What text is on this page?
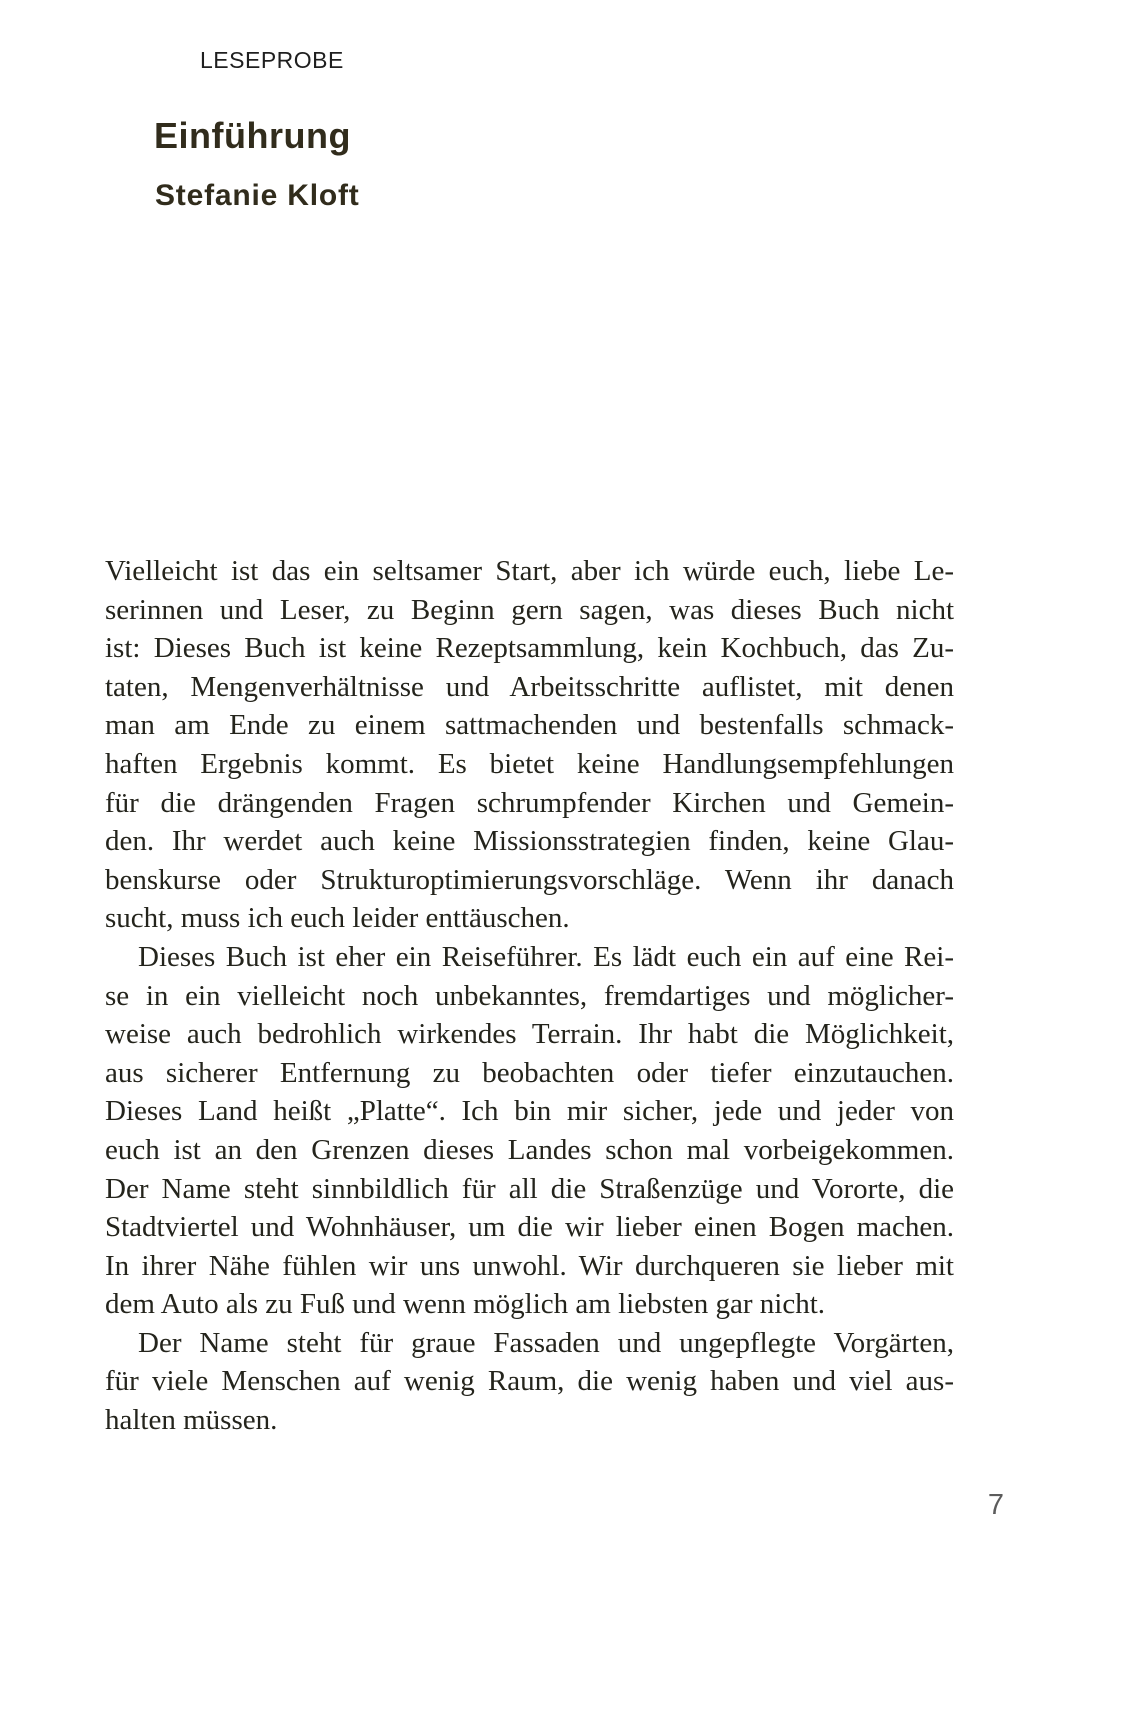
LESEPROBE
Einführung
Stefanie Kloft
Vielleicht ist das ein seltsamer Start, aber ich würde euch, liebe Le-
serinnen und Leser, zu Beginn gern sagen, was dieses Buch nicht
ist: Dieses Buch ist keine Rezeptsammlung, kein Kochbuch, das Zu-
taten, Mengenverhältnisse und Arbeitsschritte auflistet, mit denen
man am Ende zu einem sattmachenden und bestenfalls schmack-
haften Ergebnis kommt. Es bietet keine Handlungsempfehlungen
für die drängenden Fragen schrumpfender Kirchen und Gemein-
den. Ihr werdet auch keine Missionsstrategien finden, keine Glau-
benskurse oder Strukturoptimierungsvorschläge. Wenn ihr danach
sucht, muss ich euch leider enttäuschen.
Dieses Buch ist eher ein Reiseführer. Es lädt euch ein auf eine Rei-
se in ein vielleicht noch unbekanntes, fremdartiges und möglicher-
weise auch bedrohlich wirkendes Terrain. Ihr habt die Möglichkeit,
aus sicherer Entfernung zu beobachten oder tiefer einzutauchen.
Dieses Land heißt „Platte“. Ich bin mir sicher, jede und jeder von
euch ist an den Grenzen dieses Landes schon mal vorbeigekommen.
Der Name steht sinnbildlich für all die Straßenzüge und Vororte, die
Stadtviertel und Wohnhäuser, um die wir lieber einen Bogen machen.
In ihrer Nähe fühlen wir uns unwohl. Wir durchqueren sie lieber mit
dem Auto als zu Fuß und wenn möglich am liebsten gar nicht.
Der Name steht für graue Fassaden und ungepflegte Vorgärten,
für viele Menschen auf wenig Raum, die wenig haben und viel aus-
halten müssen.
7
